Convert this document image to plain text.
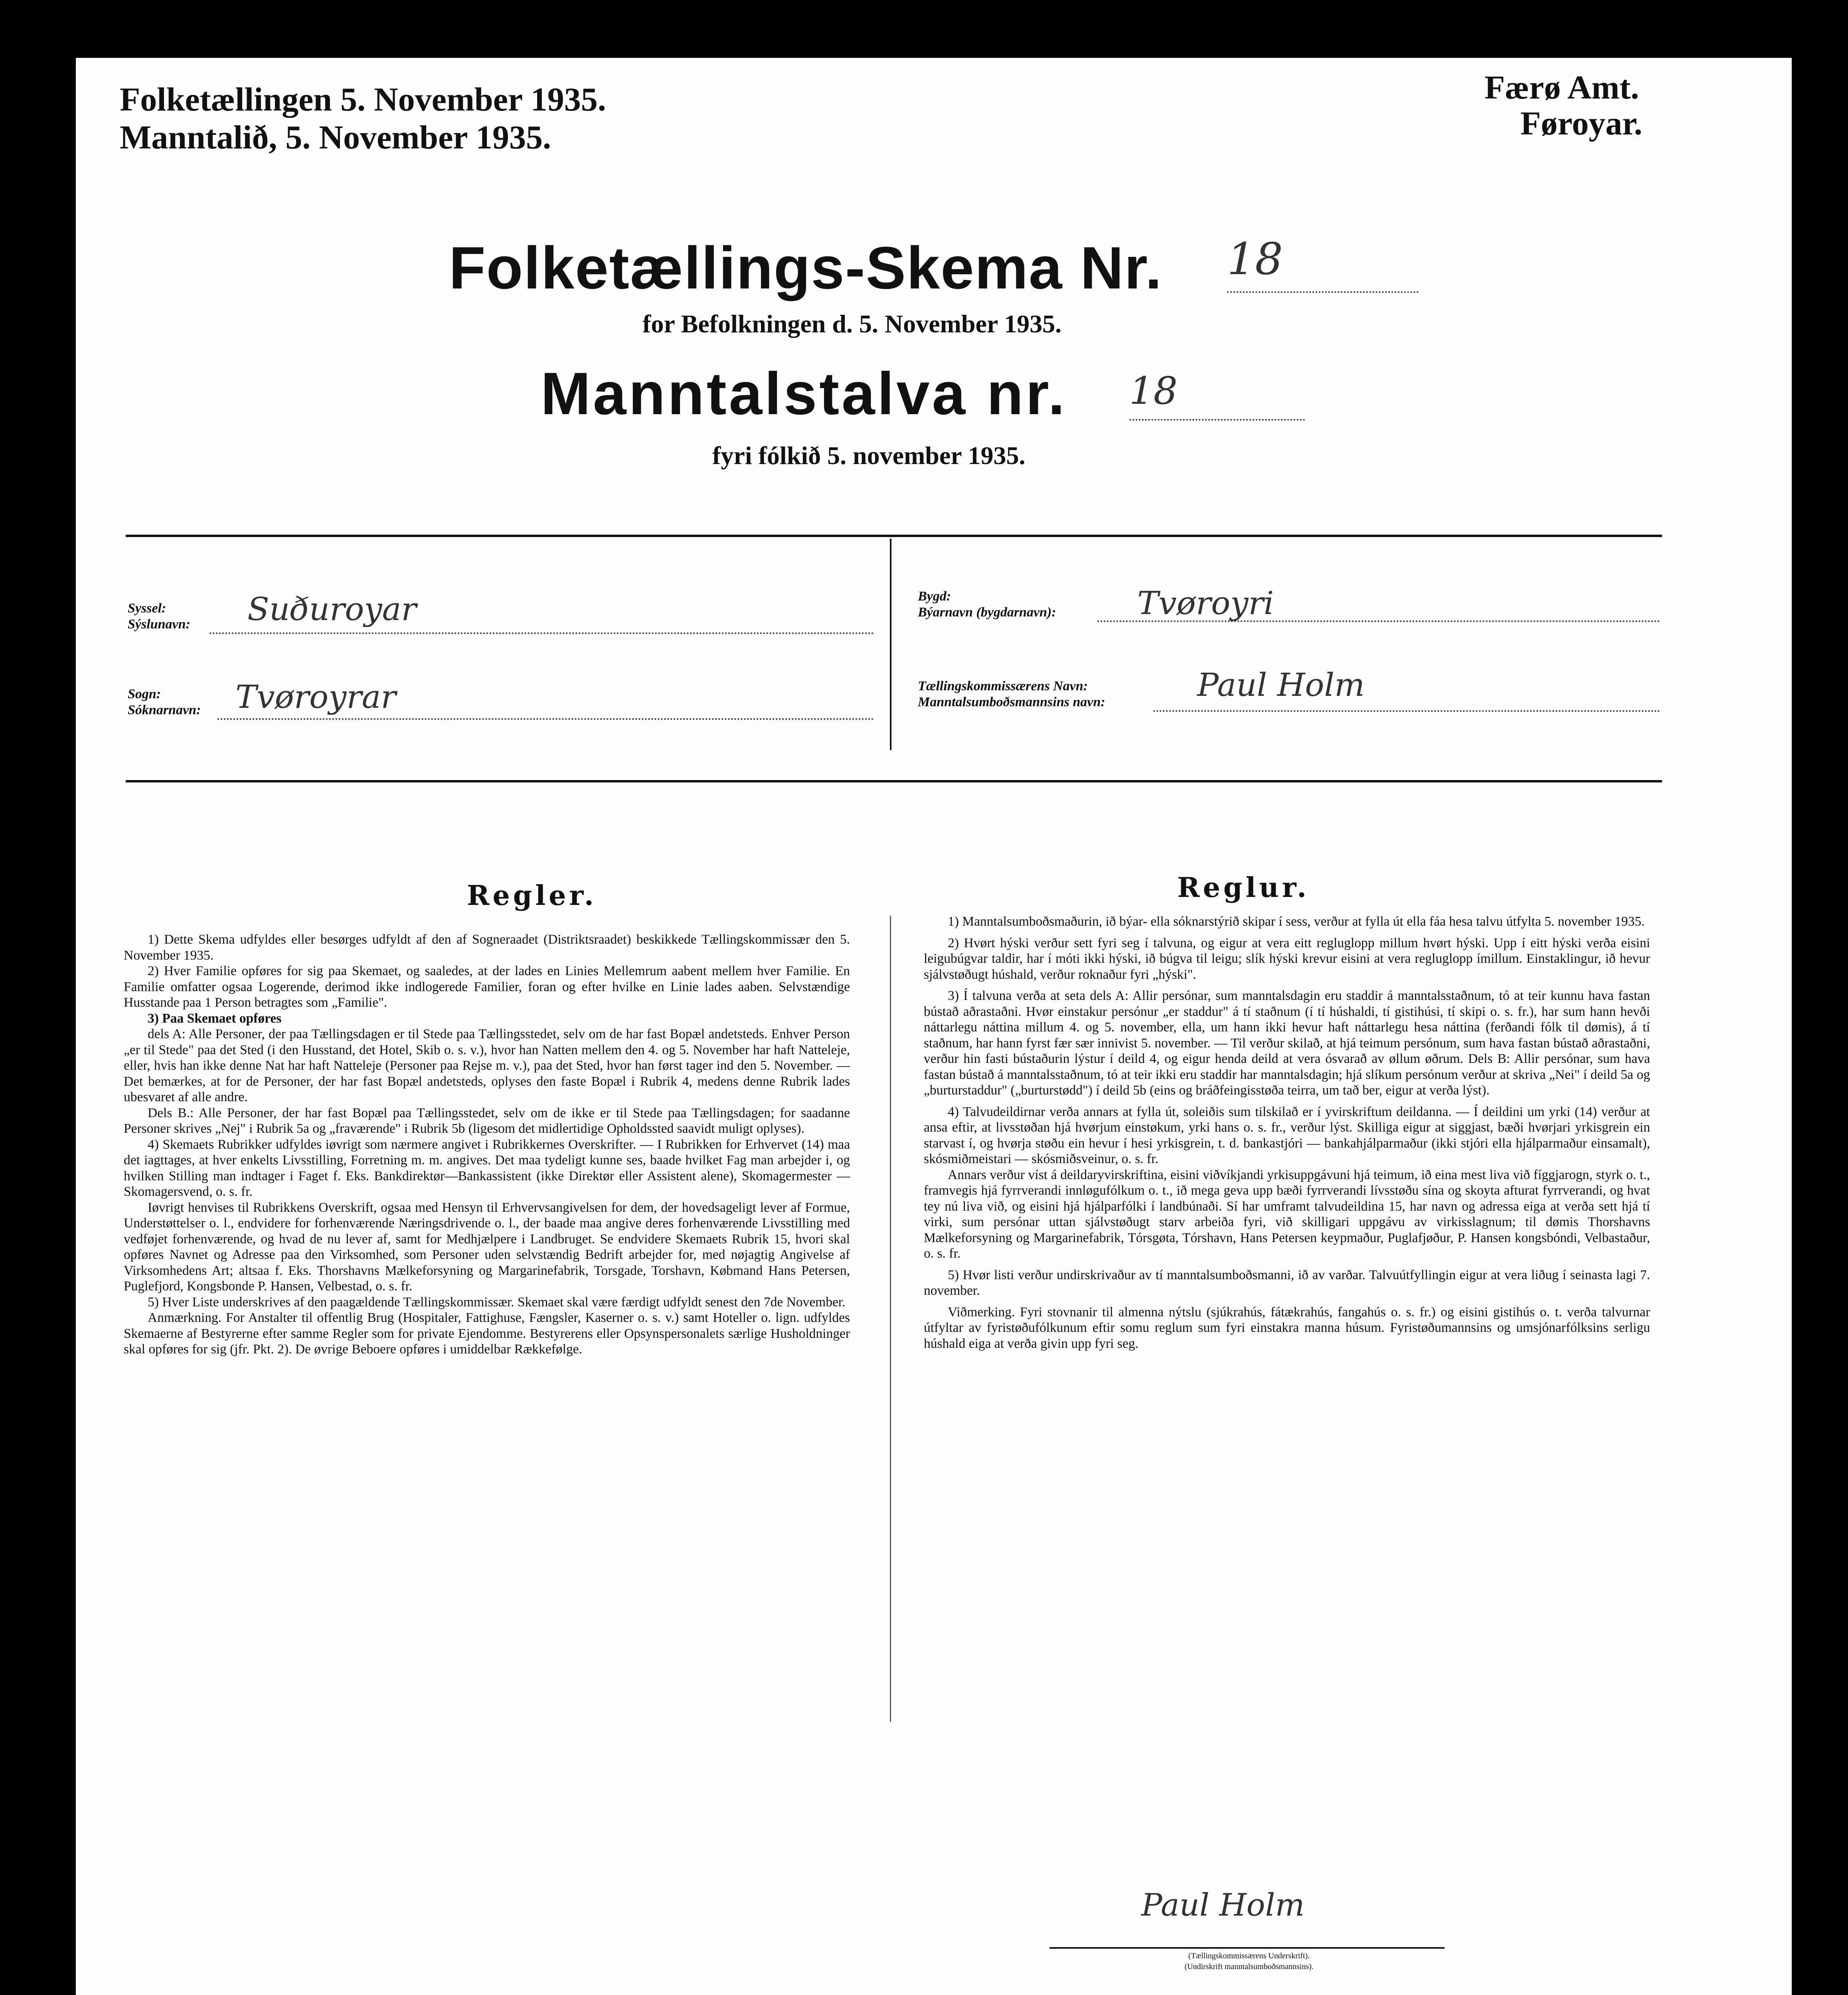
Folketællingen 5. November 1935.
Manntalið, 5. November 1935.
Færø Amt.
Føroyar.
Folketællings-Skema Nr. 18
for Befolkningen d. 5. November 1935.
Manntalstalva nr. 18
fyri fólkið 5. november 1935.
Syssel:
Sýslunavn: Suðuroyar
Sogn:
Sóknarnavn: Tvøroyrar
Bygd:
Býarnavn (bygdarnavn):	Tvøroyri
Tællingskommissærens Navn:
Manntalsumboðsmannsins navn:	Paul Holm
Regler.

1) Dette Skema udfyldes eller besørges udfyldt af den af Sogneraadet (Distriktsraadet) beskikkede Tællingskommissær den 5. November 1935.

2) Hver Familie opføres for sig paa Skemaet, og saaledes, at der lades en Linies Mellemrum aabent mellem hver Familie. En Familie omfatter ogsaa Logerende, derimod ikke indlogerede Familier, foran og efter hvilke en Linie lades aaben. Selvstændige Husstande paa 1 Person betragtes som „Familie".

3) Paa Skemaet opføres

dels A: Alle Personer, der paa Tællingsdagen er til Stede paa Tællingsstedet, selv om de har fast Bopæl andetsteds. Enhver Person „er til Stede" paa det Sted (i den Husstand, det Hotel, Skib o. s. v.), hvor han Natten mellem den 4. og 5. November har haft Natteleje, eller, hvis han ikke denne Nat har haft Natteleje (Personer paa Rejse m. v.), paa det Sted, hvor han først tager ind den 5. November. — Det bemærkes, at for de Personer, der har fast Bopæl andetsteds, oplyses den faste Bopæl i Rubrik 4, medens denne Rubrik lades ubesvaret af alle andre.

Dels B.: Alle Personer, der har fast Bopæl paa Tællingsstedet, selv om de ikke er til Stede paa Tællingsdagen; for saadanne Personer skrives „Nej" i Rubrik 5a og „fraværende" i Rubrik 5b (ligesom det midlertidige Opholdssted saavidt muligt oplyses).

4) Skemaets Rubrikker udfyldes iøvrigt som nærmere angivet i Rubrikkernes Overskrifter. — I Rubrikken for Erhvervet (14) maa det iagttages, at hver enkelts Livsstilling, Forretning m. m. angives. Det maa tydeligt kunne ses, baade hvilket Fag man arbejder i, og hvilken Stilling man indtager i Faget f. Eks. Bankdirektør—Bankassistent (ikke Direktør eller Assistent alene), Skomagermester — Skomagersvend, o. s. fr.

Iøvrigt henvises til Rubrikkens Overskrift, ogsaa med Hensyn til Erhvervsangivelsen for dem, der hovedsageligt lever af Formue, Understøttelser o. l., endvidere for forhenværende Næringsdrivende o. l., der baade maa angive deres forhenværende Livsstilling med vedføjet forhenværende, og hvad de nu lever af, samt for Medhjælpere i Landbruget. Se endvidere Skemaets Rubrik 15, hvori skal opføres Navnet og Adresse paa den Virksomhed, som Personer uden selvstændig Bedrift arbejder for, med nøjagtig Angivelse af Virksomhedens Art; altsaa f. Eks. Thorshavns Mælkeforsyning og Margarinefabrik, Torsgade, Torshavn, Købmand Hans Petersen, Puglefjord, Kongsbonde P. Hansen, Velbestad, o. s. fr.

5) Hver Liste underskrives af den paagældende Tællingskommissær. Skemaet skal være færdigt udfyldt senest den 7de November.

Anmærkning. For Anstalter til offentlig Brug (Hospitaler, Fattighuse, Fængsler, Kaserner o. s. v.) samt Hoteller o. lign. udfyldes Skemaerne af Bestyrerne efter samme Regler som for private Ejendomme. Bestyrerens eller Opsynspersonalets særlige Husholdninger skal opføres for sig (jfr. Pkt. 2). De øvrige Beboere opføres i umiddelbar Rækkefølge.

Reglur.

1) Manntalsumboðsmaðurin, ið býar- ella sóknarstýrið skipar í sess, verður at fylla út ella fáa hesa talvu útfylta 5. november 1935.

2) Hvørt hýski verður sett fyri seg í talvuna, og eigur at vera eitt regluglopp millum hvørt hýski. Upp í eitt hýski verða eisini leigubúgvar taldir, har í móti ikki hýski, ið búgva til leigu; slík hýski krevur eisini at vera regluglopp ímillum. Einstaklingur, ið hevur sjálvstøðugt húshald, verður roknaður fyri „hýski".

3) Í talvuna verða at seta dels A: Allir persónar, sum manntalsdagin eru staddir á manntalsstaðnum, tó at teir kunnu hava fastan bústað aðrastaðni. Hvør einstakur persónur „er staddur" á tí staðnum (í tí húshaldi, tí gistihúsi, tí skipi o. s. fr.), har sum hann hevði náttarlegu náttina millum 4. og 5. november, ella, um hann ikki hevur haft náttarlegu hesa náttina (ferðandi fólk til dømis), á tí staðnum, har hann fyrst fær sær innivist 5. november. — Til verður skilað, at hjá teimum persónum, sum hava fastan bústað aðrastaðni, verður hin fasti bústaðurin lýstur í deild 4, og eigur henda deild at vera ósvarað av øllum øðrum. Dels B: Allir persónar, sum hava fastan bústað á manntalsstaðnum, tó at teir ikki eru staddir har manntalsdagin; hjá slíkum persónum verður at skriva „Nei" í deild 5a og „burturstaddur" („burturstødd") í deild 5b (eins og bráðfeingisstøða teirra, um tað ber, eigur at verða lýst).

4) Talvudeildirnar verða annars at fylla út, soleiðis sum tilskilað er í yvirskriftum deildanna. — Í deildini um yrki (14) verður at ansa eftir, at livsstøðan hjá hvørjum einstøkum, yrki hans o. s. fr., verður lýst. Skilliga eigur at siggjast, bæði hvørjari yrkisgrein ein starvast í, og hvørja støðu ein hevur í hesi yrkisgrein, t. d. bankastjóri — bankahjálparmaður (ikki stjóri ella hjálparmaður einsamalt), skósmiðmeistari — skósmiðsveinur, o. s. fr.

Annars verður víst á deildaryvirskriftina, eisini viðvíkjandi yrkisuppgávuni hjá teimum, ið eina mest liva við fíggjarogn, styrk o. t., framvegis hjá fyrrverandi innløgufólkum o. t., ið mega geva upp bæði fyrrverandi lívsstøðu sína og skoyta afturat fyrrverandi, og hvat tey nú liva við, og eisini hjá hjálparfólki í landbúnaði. Sí har umframt talvudeildina 15, har navn og adressa eiga at verða sett hjá tí virki, sum persónar uttan sjálvstøðugt starv arbeiða fyri, við skilligari uppgávu av virkisslagnum; til dømis Thorshavns Mælkeforsyning og Margarinefabrik, Tórsgøta, Tórshavn, Hans Petersen keypmaður, Puglafjøður, P. Hansen kongsbóndi, Velbastaður, o. s. fr.

5) Hvør listi verður undirskrivaður av tí manntalsumboðsmanni, ið av varðar. Talvuútfyllingin eigur at vera liðug í seinasta lagi 7. november.

Viðmerking. Fyri stovnanir til almenna nýtslu (sjúkrahús, fátækrahús, fangahús o. s. fr.) og eisini gistihús o. t. verða talvurnar útfyltar av fyristøðufólkunum eftir somu reglum sum fyri einstakra manna húsum. Fyristøðumannsins og umsjónarfólksins serligu húshald eiga at verða givin upp fyri seg.

Paul Holm
(Tællingskommissærens Underskrift).
(Undirskrift manntalsumboðsmannsins).
